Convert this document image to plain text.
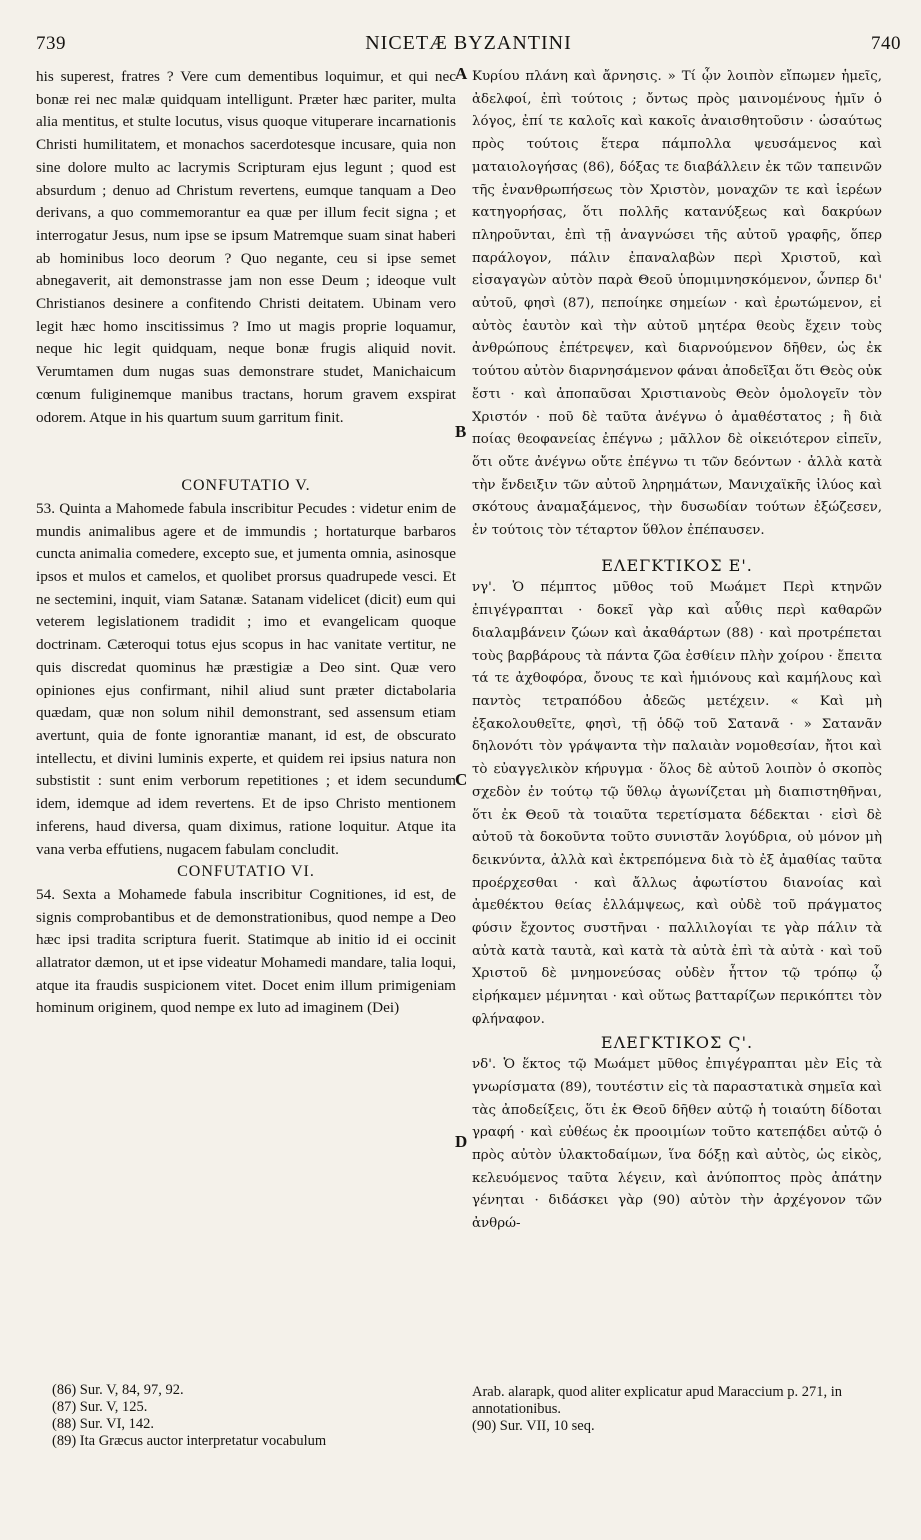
739	NICETÆ BYZANTINI	740

his superest, fratres ? Vere cum dementibus loquimur, et qui nec bonæ rei nec malæ quidquam intelligunt. Præter hæc pariter, multa alia mentitus, et stulte locutus, visus quoque vituperare incarnationis Christi humilitatem, et monachos sacerdotesque incusare, quia non sine dolore multo ac lacrymis Scripturam ejus legunt ; quod est absurdum ; denuo ad Christum revertens, eumque tanquam a Deo derivans, a quo commemorantur ea quæ per illum fecit signa ; et interrogatur Jesus, num ipse se ipsum Matremque suam sinat haberi ab hominibus loco deorum ? Quo negante, ceu si ipse semet abnegaverit, ait demonstrasse jam non esse Deum ; ideoque vult Christianos desinere a confitendo Christi deitatem. Ubinam vero legit hæc homo inscitissimus ? Imo ut magis proprie loquamur, neque hic legit quidquam, neque bonæ frugis aliquid novit. Verumtamen dum nugas suas demonstrare studet, Manichaicum cœnum fuliginemque manibus tractans, horum gravem exspirat odorem. Atque in his quartum suum garritum finit.

CONFUTATIO V.

53. Quinta a Mahomede fabula inscribitur Pecudes : videtur enim de mundis animalibus agere et de immundis ; hortaturque barbaros cuncta animalia comedere, excepto sue, et jumenta omnia, asinosque ipsos et mulos et camelos, et quolibet prorsus quadrupede vesci. Et ne sectemini, inquit, viam Satanæ. Satanam videlicet (dicit) eum qui veterem legislationem tradidit ; imo et evangelicam quoque doctrinam. Cæteroqui totus ejus scopus in hac vanitate vertitur, ne quis discredat quominus hæ præstigiæ a Deo sint. Quæ vero opiniones ejus confirmant, nihil aliud sunt præter dictabolaria quædam, quæ non solum nihil demonstrant, sed assensum etiam avertunt, quia de fonte ignorantiæ manant, id est, de obscurato intellectu, et divini luminis experte, et quidem rei ipsius natura non substistit : sunt enim verborum repetitiones ; et idem secundum idem, idemque ad idem revertens. Et de ipso Christo mentionem inferens, haud diversa, quam diximus, ratione loquitur. Atque ita vana verba effutiens, nugacem fabulam concludit.

CONFUTATIO VI.

54. Sexta a Mohamede fabula inscribitur Cognitiones, id est, de signis comprobantibus et de demonstrationibus, quod nempe a Deo hæc ipsi tradita scriptura fuerit. Statimque ab initio id ei occinit allatrator dæmon, ut et ipse videatur Mohamedi mandare, talia loqui, atque ita fraudis suspicionem vitet. Docet enim illum primigeniam hominum originem, quod nempe ex luto ad imaginem (Dei)

Κυρίου πλάνη καὶ ἄρνησις. » Τί ᾧν λοιπὸν εἴπωμεν ἡμεῖς, ἀδελφοί, ἐπὶ τούτοις ; ὄντως πρὸς μαινομένους ἡμῖν ὁ λόγος, ἐπί τε καλοῖς καὶ κακοῖς ἀναισθητοῦσιν · ὡσαύτως πρὸς τούτοις ἕτερα πάμπολλα ψευσάμενος καὶ ματαιολογήσας (86), δόξας τε διαβάλλειν ἐκ τῶν ταπεινῶν τῆς ἐνανθρωπήσεως τὸν Χριστὸν, μοναχῶν τε καὶ ἱερέων κατηγορήσας, ὅτι πολλῆς κατανύξεως καὶ δακρύων πληροῦνται, ἐπὶ τῇ ἀναγνώσει τῆς αὐτοῦ γραφῆς, ὅπερ παράλογον, πάλιν ἐπαναλαβὼν περὶ Χριστοῦ, καὶ εἰσαγαγὼν αὐτὸν παρὰ Θεοῦ ὑπομιμνησκόμενον, ὧνπερ δι' αὐτοῦ, φησὶ (87), πεποίηκε σημείων · καὶ ἐρωτώμενον, εἰ αὐτὸς ἑαυτὸν καὶ τὴν αὐτοῦ μητέρα θεοὺς ἔχειν τοὺς ἀνθρώπους ἐπέτρεψεν, καὶ διαρνούμενον δῆθεν, ὡς ἐκ τούτου αὐτὸν διαρνησάμενον φάναι ἀποδεῖξαι ὅτι Θεὸς οὐκ ἔστι · καὶ ἀποπαῦσαι Χριστιανοὺς Θεὸν ὁμολογεῖν τὸν Χριστόν · ποῦ δὲ ταῦτα ἀνέγνω ὁ ἀμαθέστατος ; ἢ διὰ ποίας θεοφανείας ἐπέγνω ; μᾶλλον δὲ οἰκειότερον εἰπεῖν, ὅτι οὔτε ἀνέγνω οὔτε ἐπέγνω τι τῶν δεόντων · ἀλλὰ κατὰ τὴν ἔνδειξιν τῶν αὐτοῦ ληρημάτων, Μανιχαϊκῆς ἰλύος καὶ σκότους ἀναμαξάμενος, τὴν δυσωδίαν τούτων ἐξώζεσεν, ἐν τούτοις τὸν τέταρτον ὕθλον ἐπέπαυσεν.

ΕΛΕΓΚΤΙΚΟΣ Ε'.

νγ'. Ὁ πέμπτος μῦθος τοῦ Μωάμετ Περὶ κτηνῶν ἐπιγέγραπται · δοκεῖ γὰρ καὶ αὖθις περὶ καθαρῶν διαλαμβάνειν ζώων καὶ ἀκαθάρτων (88) · καὶ προτρέπεται τοὺς βαρβάρους τὰ πάντα ζῶα ἐσθίειν πλὴν χοίρου · ἔπειτα τά τε ἀχθοφόρα, ὄνους τε καὶ ἡμιόνους καὶ καμήλους καὶ παντὸς τετραπόδου ἀδεῶς μετέχειν. « Καὶ μὴ ἐξακολουθεῖτε, φησὶ, τῇ ὁδῷ τοῦ Σατανᾶ · » Σατανᾶν δηλονότι τὸν γράψαντα τὴν παλαιὰν νομοθεσίαν, ἤτοι καὶ τὸ εὐαγγελικὸν κήρυγμα · ὅλος δὲ αὐτοῦ λοιπὸν ὁ σκοπὸς σχεδὸν ἐν τούτῳ τῷ ὕθλῳ ἀγωνίζεται μὴ διαπιστηθῆναι, ὅτι ἐκ Θεοῦ τὰ τοιαῦτα τερετίσματα δέδεκται · εἰσὶ δὲ αὐτοῦ τὰ δοκοῦντα τοῦτο συνιστᾶν λογύδρια, οὐ μόνον μὴ δεικνύντα, ἀλλὰ καὶ ἐκτρεπόμενα διὰ τὸ ἐξ ἀμαθίας ταῦτα προέρχεσθαι · καὶ ἄλλως ἀφωτίστου διανοίας καὶ ἀμεθέκτου θείας ἐλλάμψεως, καὶ οὐδὲ τοῦ πράγματος φύσιν ἔχοντος συστῆναι · παλλιλογίαι τε γὰρ πάλιν τὰ αὐτὰ κατὰ ταυτὰ, καὶ κατὰ τὰ αὐτὰ ἐπὶ τὰ αὐτὰ · καὶ τοῦ Χριστοῦ δὲ μνημονεύσας οὐδὲν ἧττον τῷ τρόπῳ ᾧ εἰρήκαμεν μέμνηται · καὶ οὕτως βατταρίζων περικόπτει τὸν φλήναφον.

ΕΛΕΓΚΤΙΚΟΣ Ϛ'.

νδ'. Ὁ ἕκτος τῷ Μωάμετ μῦθος ἐπιγέγραπται μὲν Εἰς τὰ γνωρίσματα (89), τουτέστιν εἰς τὰ παραστατικὰ σημεῖα καὶ τὰς ἀποδείξεις, ὅτι ἐκ Θεοῦ δῆθεν αὐτῷ ἡ τοιαύτη δίδοται γραφή · καὶ εὐθέως ἐκ προοιμίων τοῦτο κατεπᾴδει αὐτῷ ὁ πρὸς αὐτὸν ὑλακτοδαίμων, ἵνα δόξῃ καὶ αὐτὸς, ὡς εἰκὸς, κελευόμενος ταῦτα λέγειν, καὶ ἀνύποπτος πρὸς ἀπάτην γένηται · διδάσκει γὰρ (90) αὐτὸν τὴν ἀρχέγονον τῶν ἀνθρώ-

A
B
C
D
(86) Sur. V, 84, 97, 92.
(87) Sur. V, 125.
(88) Sur. VI, 142.
(89) Ita Græcus auctor interpretatur vocabulum
Arab. alarapk, quod aliter explicatur apud Maraccium p. 271, in annotationibus.
(90) Sur. VII, 10 seq.
